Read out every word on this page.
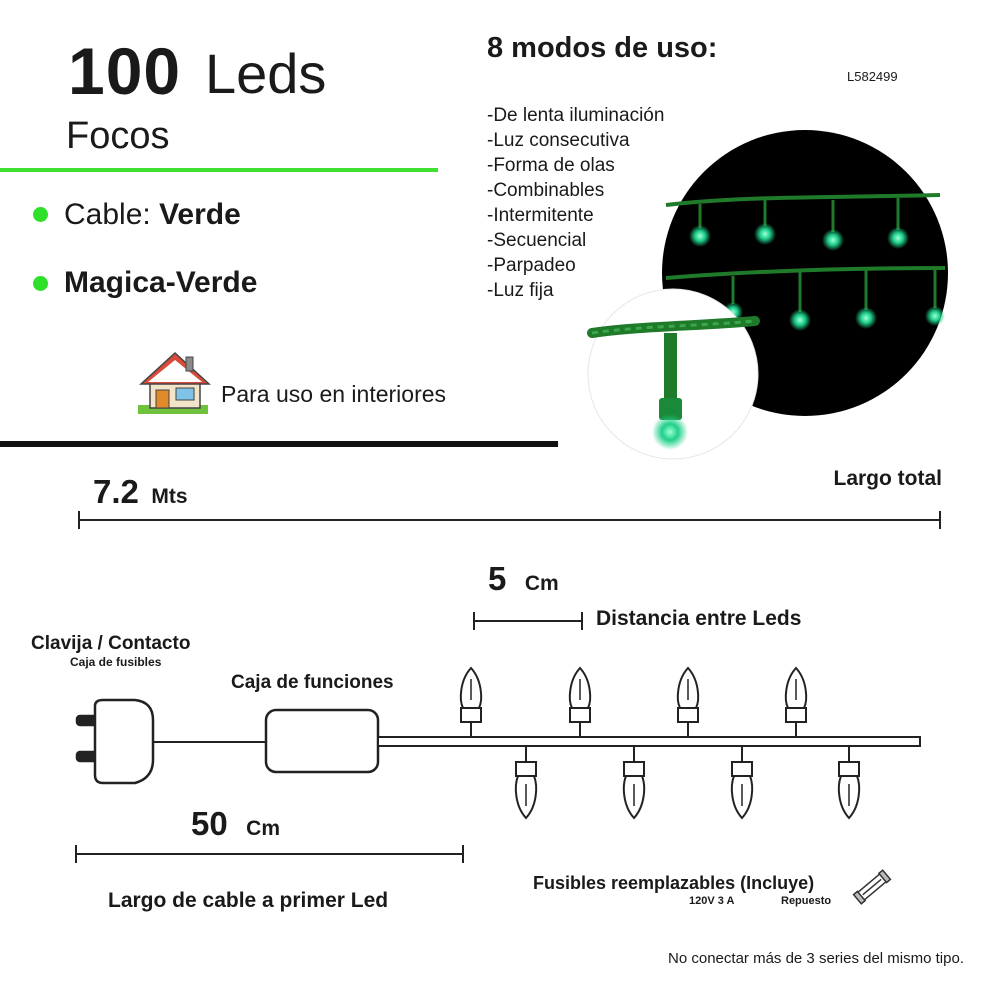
100 Leds
Focos
Cable: Verde
Magica-Verde
Para uso en interiores
8 modos de uso:
L582499
-De lenta iluminación
-Luz consecutiva
-Forma de olas
-Combinables
-Intermitente
-Secuencial
-Parpadeo
-Luz fija
7.2 Mts
Largo total
5 Cm
Distancia entre Leds
Clavija / Contacto
Caja de fusibles
Caja de funciones
50 Cm
Largo de cable a primer Led
Fusibles reemplazables (Incluye)
120V 3 A	Repuesto
No conectar más de 3 series del mismo tipo.
